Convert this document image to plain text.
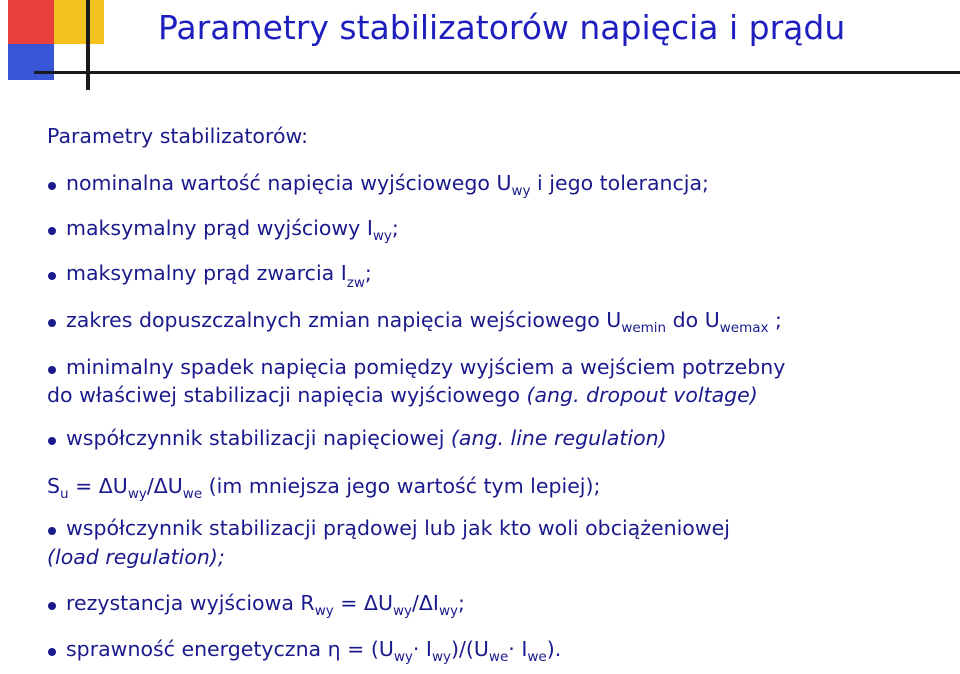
Parametry stabilizatorów napięcia i prądu
Parametry stabilizatorów:
nominalna wartość napięcia wyjściowego $U_{wy}$ i jego tolerancja;
maksymalny prąd wyjściowy $I_{wy}$;
maksymalny prąd zwarcia $I_{zw}$;
zakres dopuszczalnych zmian napięcia wejściowego $U_{wemin}$ do $U_{wemax}$ ;
minimalny spadek napięcia pomiędzy wyjściem a wejściem potrzebny
do właściwej stabilizacji napięcia wyjściowego (ang. dropout voltage)
współczynnik stabilizacji napięciowej (ang. line regulation)
$S_u = \Delta U_{wy}/\Delta U_{we}$ (im mniejsza jego wartość tym lepiej);
współczynnik stabilizacji prądowej lub jak kto woli obciążeniowej
(load regulation);
rezystancja wyjściowa $R_{wy} = \Delta U_{wy}/\Delta I_{wy}$;
sprawność energetyczna $\eta = (U_{wy}\cdot I_{wy})/(U_{we}\cdot I_{we})$.
